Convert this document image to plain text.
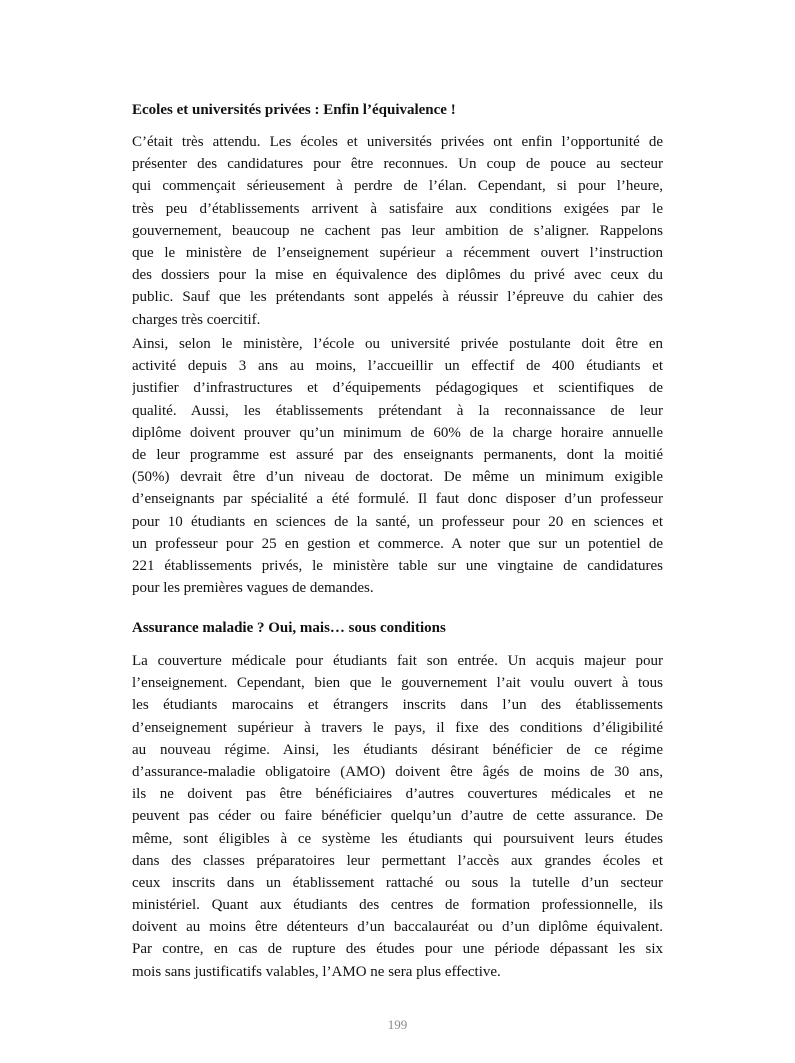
Ecoles et universités privées : Enfin l’équivalence !
C’était très attendu. Les écoles et universités privées ont enfin l’opportunité de
présenter des candidatures pour être reconnues. Un coup de pouce au secteur
qui commençait sérieusement à perdre de l’élan. Cependant, si pour l’heure,
très peu d’établissements arrivent à satisfaire aux conditions exigées par le
gouvernement, beaucoup ne cachent pas leur ambition de s’aligner. Rappelons
que le ministère de l’enseignement supérieur a récemment ouvert l’instruction
des dossiers pour la mise en équivalence des diplômes du privé avec ceux du
public. Sauf que les prétendants sont appelés à réussir l’épreuve du cahier des
charges très coercitif.
Ainsi, selon le ministère, l’école ou université privée postulante doit être en
activité depuis 3 ans au moins, l’accueillir un effectif de 400 étudiants et
justifier d’infrastructures et d’équipements pédagogiques et scientifiques de
qualité. Aussi, les établissements prétendant à la reconnaissance de leur
diplôme doivent prouver qu’un minimum de 60% de la charge horaire annuelle
de leur programme est assuré par des enseignants permanents, dont la moitié
(50%) devrait être d’un niveau de doctorat. De même un minimum exigible
d’enseignants par spécialité a été formulé. Il faut donc disposer d’un professeur
pour 10 étudiants en sciences de la santé, un professeur pour 20 en sciences et
un professeur pour 25 en gestion et commerce. A noter que sur un potentiel de
221 établissements privés, le ministère table sur une vingtaine de candidatures
pour les premières vagues de demandes.
Assurance maladie ? Oui, mais… sous conditions
La couverture médicale pour étudiants fait son entrée. Un acquis majeur pour
l’enseignement. Cependant, bien que le gouvernement l’ait voulu ouvert à tous
les étudiants marocains et étrangers inscrits dans l’un des établissements
d’enseignement supérieur à travers le pays, il fixe des conditions d’éligibilité
au nouveau régime. Ainsi, les étudiants désirant bénéficier de ce régime
d’assurance-maladie obligatoire (AMO) doivent être âgés de moins de 30 ans,
ils ne doivent pas être bénéficiaires d’autres couvertures médicales et ne
peuvent pas céder ou faire bénéficier quelqu’un d’autre de cette assurance. De
même, sont éligibles à ce système les étudiants qui poursuivent leurs études
dans des classes préparatoires leur permettant l’accès aux grandes écoles et
ceux inscrits dans un établissement rattaché ou sous la tutelle d’un secteur
ministériel. Quant aux étudiants des centres de formation professionnelle, ils
doivent au moins être détenteurs d’un baccalauréat ou d’un diplôme équivalent.
Par contre, en cas de rupture des études pour une période dépassant les six
mois sans justificatifs valables, l’AMO ne sera plus effective.
199
